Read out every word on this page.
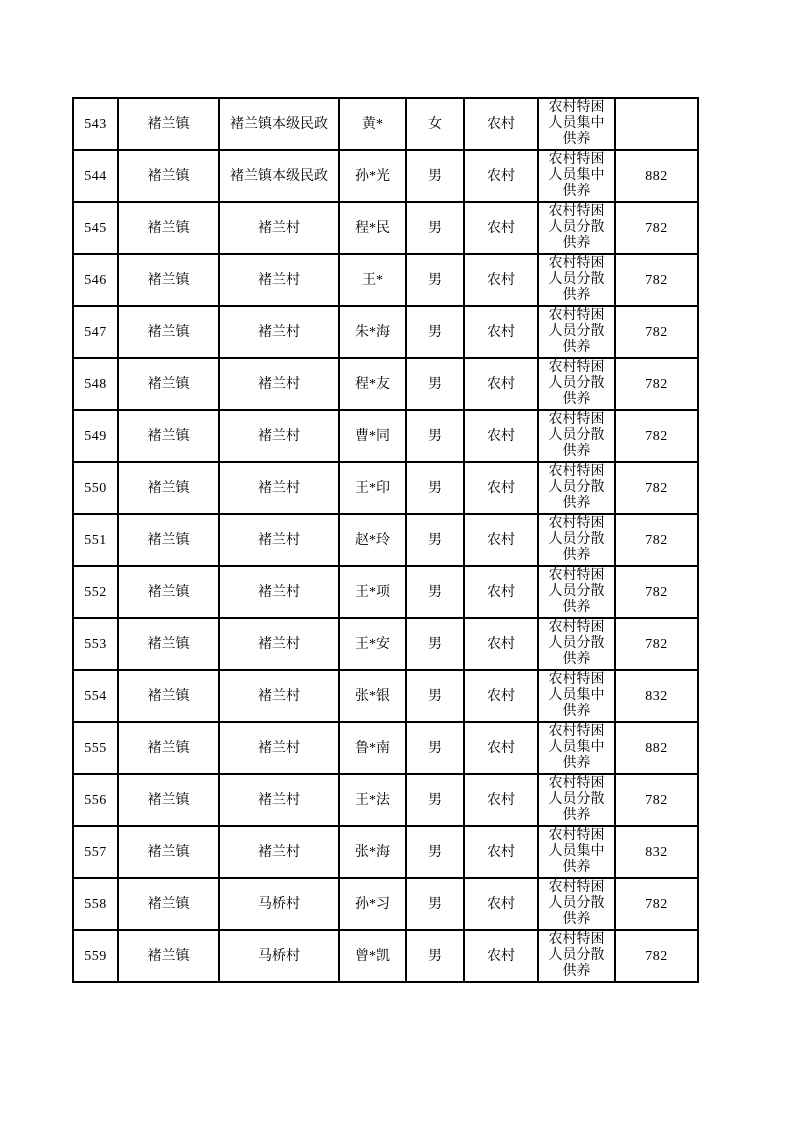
543	褚兰镇	褚兰镇本级民政	黄*	女	农村	农村特困人员集中供养	
544	褚兰镇	褚兰镇本级民政	孙*光	男	农村	农村特困人员集中供养	882
545	褚兰镇	褚兰村	程*民	男	农村	农村特困人员分散供养	782
546	褚兰镇	褚兰村	王*	男	农村	农村特困人员分散供养	782
547	褚兰镇	褚兰村	朱*海	男	农村	农村特困人员分散供养	782
548	褚兰镇	褚兰村	程*友	男	农村	农村特困人员分散供养	782
549	褚兰镇	褚兰村	曹*同	男	农村	农村特困人员分散供养	782
550	褚兰镇	褚兰村	王*印	男	农村	农村特困人员分散供养	782
551	褚兰镇	褚兰村	赵*玲	男	农村	农村特困人员分散供养	782
552	褚兰镇	褚兰村	王*项	男	农村	农村特困人员分散供养	782
553	褚兰镇	褚兰村	王*安	男	农村	农村特困人员分散供养	782
554	褚兰镇	褚兰村	张*银	男	农村	农村特困人员集中供养	832
555	褚兰镇	褚兰村	鲁*南	男	农村	农村特困人员集中供养	882
556	褚兰镇	褚兰村	王*法	男	农村	农村特困人员分散供养	782
557	褚兰镇	褚兰村	张*海	男	农村	农村特困人员集中供养	832
558	褚兰镇	马桥村	孙*习	男	农村	农村特困人员分散供养	782
559	褚兰镇	马桥村	曾*凯	男	农村	农村特困人员分散供养	782
